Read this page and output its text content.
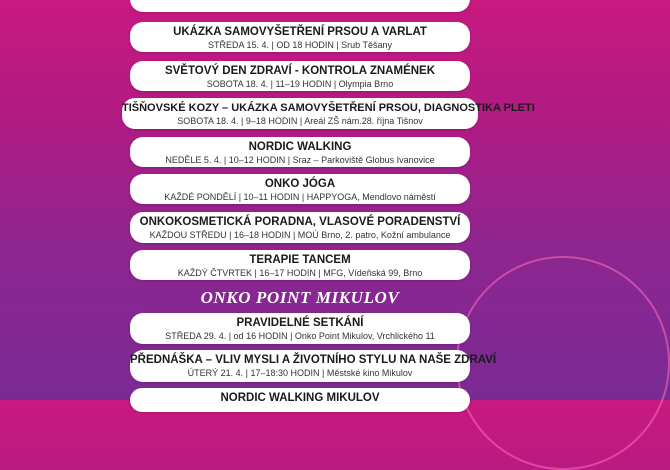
UKÁZKA SAMOVYŠETŘENÍ PRSOU A VARLAT
STŘEDA 15. 4. | OD 18 HODIN | Srub Těšany
SVĚTOVÝ DEN ZDRAVÍ - KONTROLA ZNAMÉNEK
SOBOTA 18. 4. | 11–19 HODIN | Olympia Brno
TIŠŇOVSKÉ KOZY – UKÁZKA SAMOVYŠETŘENÍ PRSOU, DIAGNOSTIKA PLETI
SOBOTA 18. 4. | 9–18 HODIN | Areál ZŠ nám.28. října Tišnov
NORDIC WALKING
NEDĚLE 5. 4. | 10–12 HODIN | Sraz – Parkoviště Globus Ivanovice
ONKO JÓGA
KAŽDÉ PONDĚLÍ | 10–11 HODIN | HAPPYOGA, Mendlovo náměstí
ONKOKOSMETICKÁ PORADNA, VLASOVÉ PORADENSTVÍ
KAŽDOU STŘEDU | 16–18 HODIN | MOÚ Brno, 2. patro, Kožní ambulance
TERAPIE TANCEM
KAŽDÝ ČTVRTEK | 16–17 HODIN | MFG, Vídeňská 99, Brno
ONKO POINT MIKULOV
PRAVIDELNÉ SETKÁNÍ
STŘEDA 29. 4. | od 16 HODIN | Onko Point Mikulov, Vrchlického 11
PŘEDNÁŠKA – VLIV MYSLI A ŽIVOTNÍHO STYLU NA NAŠE ZDRAVÍ
ÚTERÝ 21. 4. | 17–18:30 HODIN | Městské kino Mikulov
NORDIC WALKING MIKULOV
